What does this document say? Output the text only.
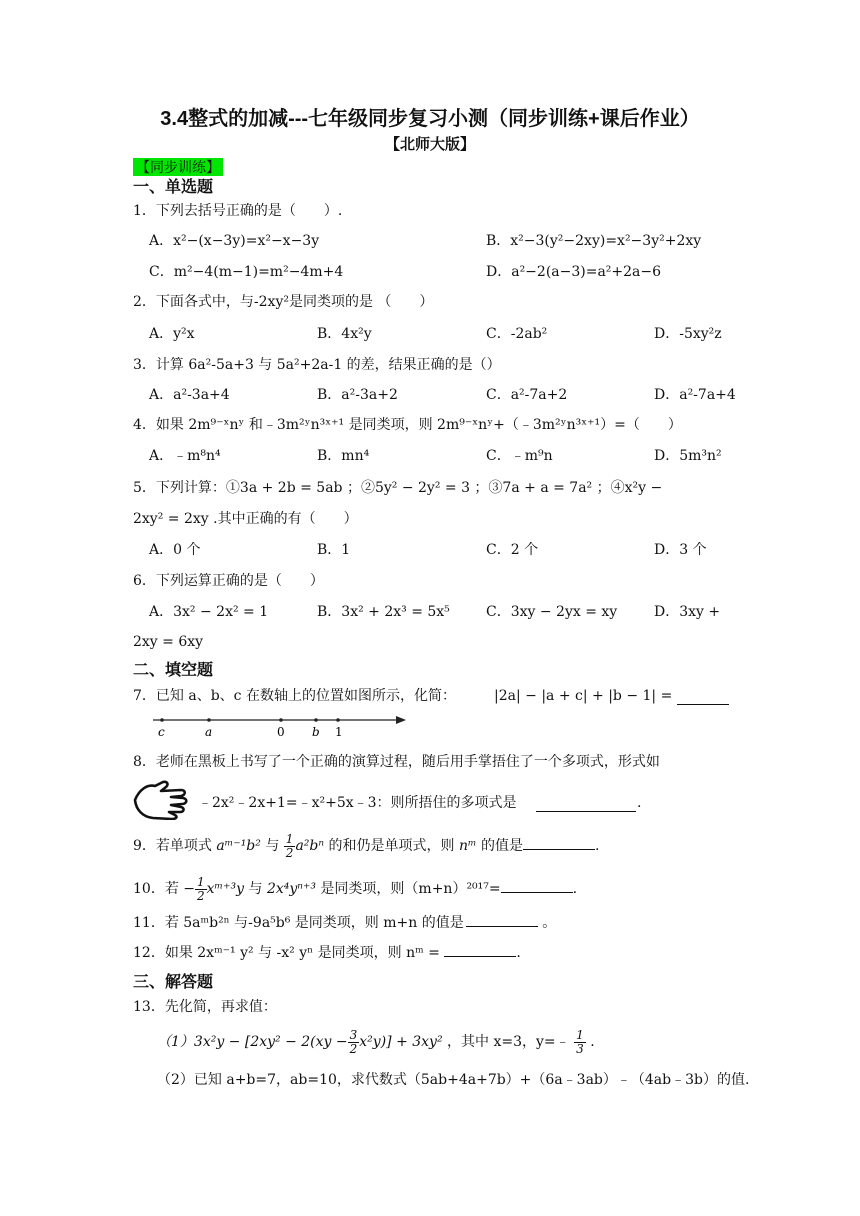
3.4整式的加减---七年级同步复习小测（同步训练+课后作业）
【北师大版】
【同步训练】
一、单选题
1．下列去括号正确的是（　　）.
A．x²−(x−3y)=x²−x−3y	B．x²−3(y²−2xy)=x²−3y²+2xy
C．m²−4(m−1)=m²−4m+4	D．a²−2(a−3)=a²+2a−6
2．下面各式中，与-2xy²是同类项的是 （　　）
A．y²x	B．4x²y	C．-2ab²	D．-5xy²z
3．计算 6a²-5a+3 与 5a²+2a-1 的差，结果正确的是（）
A．a²-3a+4	B．a²-3a+2	C．a²-7a+2	D．a²-7a+4
4．如果 2m⁹⁻ˣnʸ 和﹣3m²ʸn³ˣ⁺¹ 是同类项，则 2m⁹⁻ˣnʸ+（﹣3m²ʸn³ˣ⁺¹）=（　　）
A．﹣m⁸n⁴	B．mn⁴	C．﹣m⁹n	D．5m³n²
5．下列计算：①3a + 2b = 5ab ；②5y² − 2y² = 3 ；③7a + a = 7a² ；④x²y −
2xy² = 2xy .其中正确的有（　　）
A．0 个	B．1	C．2 个	D．3 个
6．下列运算正确的是（　　）
A．3x² − 2x² = 1	B．3x² + 2x³ = 5x⁵	C．3xy − 2yx = xy	D．3xy +
2xy = 6xy
二、填空题
7．已知 a、b、c 在数轴上的位置如图所示，化简：	|2a| − |a + c| + |b − 1| =
c	a	0 b 1
8．老师在黑板上书写了一个正确的演算过程，随后用手掌捂住了一个多项式，形式如
﹣2x²﹣2x+1=﹣x²+5x﹣3：则所捂住的多项式是	.
9．若单项式 aᵐ⁻¹b² 与 $\frac{1}{2} a^2b^n$ 的和仍是单项式，则 nᵐ 的值是	.
10．若 − $\frac{1}{2}$ xᵐ⁺³y 与 2x⁴yⁿ⁺³ 是同类项，则（m+n）²⁰¹⁷=	.
11．若 5aᵐb²ⁿ 与-9a⁵b⁶ 是同类项，则 m+n 的值是	。
12．如果 2xᵐ⁻¹ y² 与 -x² yⁿ 是同类项，则 nᵐ =	.
三、解答题
13．先化简，再求值：
$(1)3x^2y - [2xy^2 - 2(xy - \frac{3}{2} x^2y)] + 3xy^2$ ，其中 x=3，y=﹣ $\frac{1}{3}$ .
（2）已知 a+b=7，ab=10，求代数式（5ab+4a+7b）+（6a﹣3ab）﹣（4ab﹣3b）的值.
